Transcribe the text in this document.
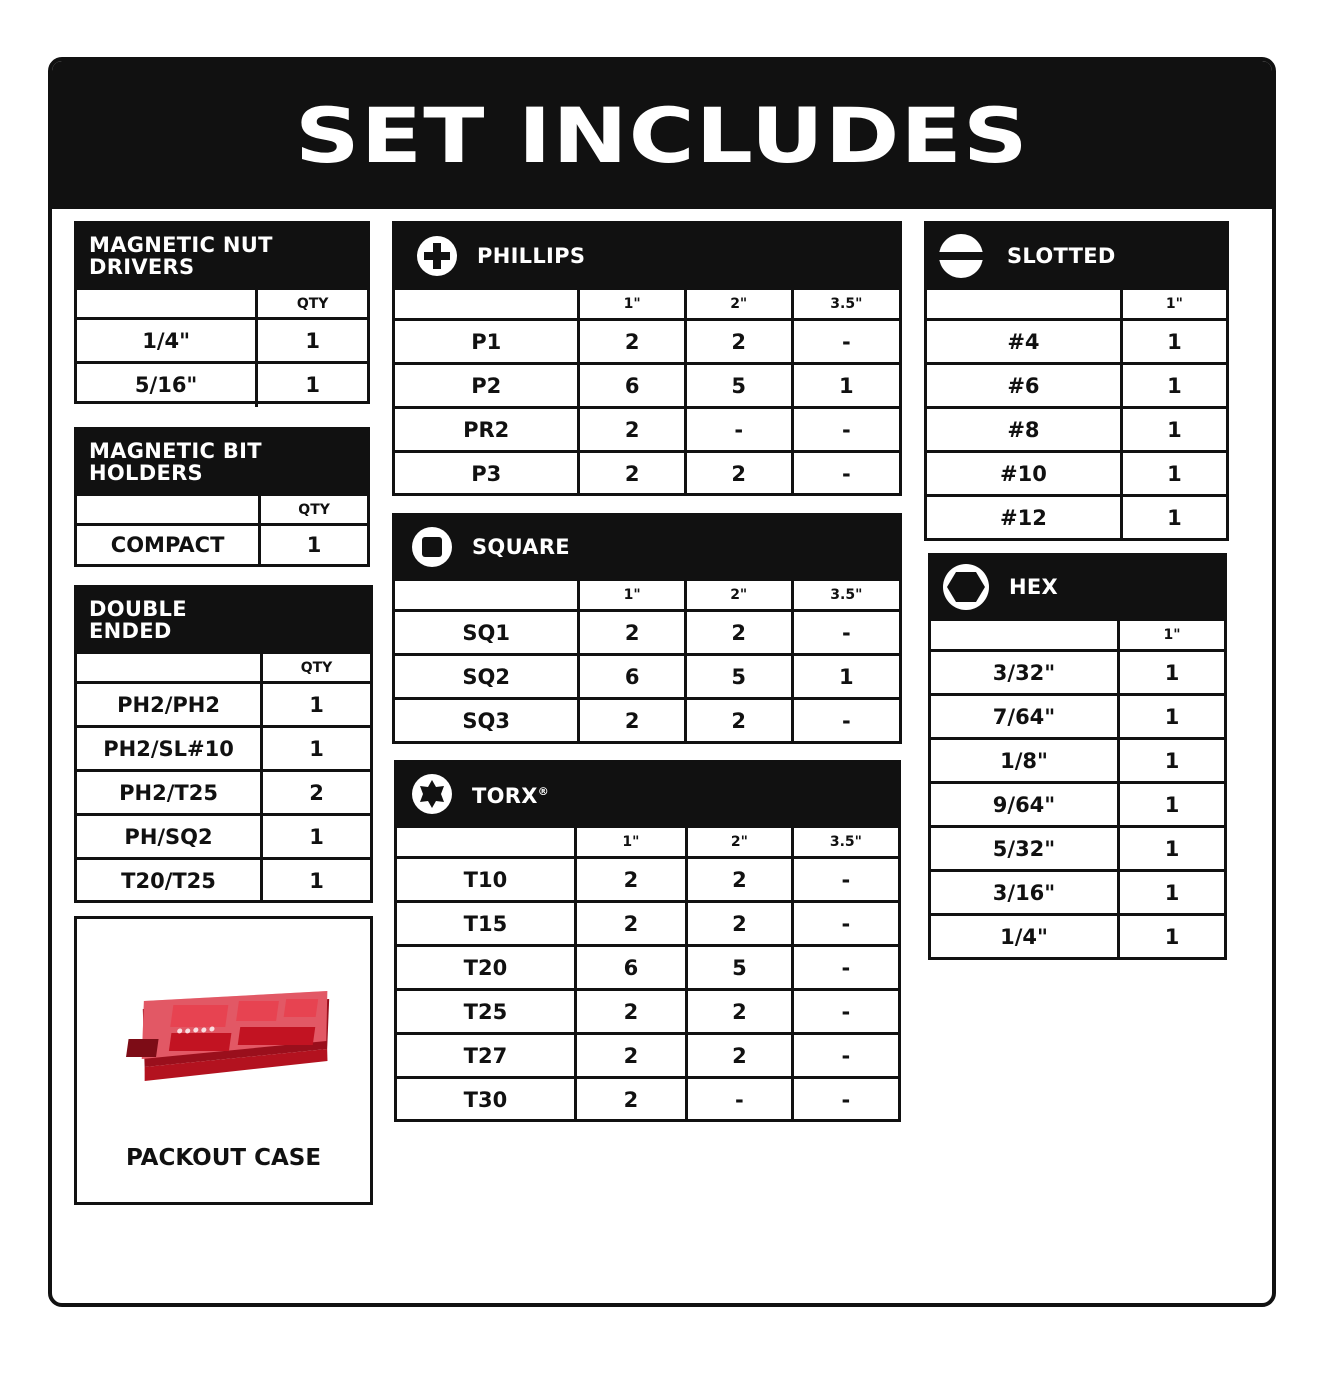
SET INCLUDES
MAGNETIC NUT
DRIVERS
	QTY
1/4"	1
5/16"	1
MAGNETIC BIT
HOLDERS
	QTY
COMPACT	1
DOUBLE
ENDED
	QTY
PH2/PH2	1
PH2/SL#10	1
PH2/T25	2
PH/SQ2	1
T20/T25	1
PACKOUT CASE
PHILLIPS
	1"	2"	3.5"
P1	2	2	-
P2	6	5	1
PR2	2	-	-
P3	2	2	-
SQUARE
	1"	2"	3.5"
SQ1	2	2	-
SQ2	6	5	1
SQ3	2	2	-
TORX®
	1"	2"	3.5"
T10	2	2	-
T15	2	2	-
T20	6	5	-
T25	2	2	-
T27	2	2	-
T30	2	-	-
SLOTTED
	1"
#4	1
#6	1
#8	1
#10	1
#12	1
HEX
	1"
3/32"	1
7/64"	1
1/8"	1
9/64"	1
5/32"	1
3/16"	1
1/4"	1
